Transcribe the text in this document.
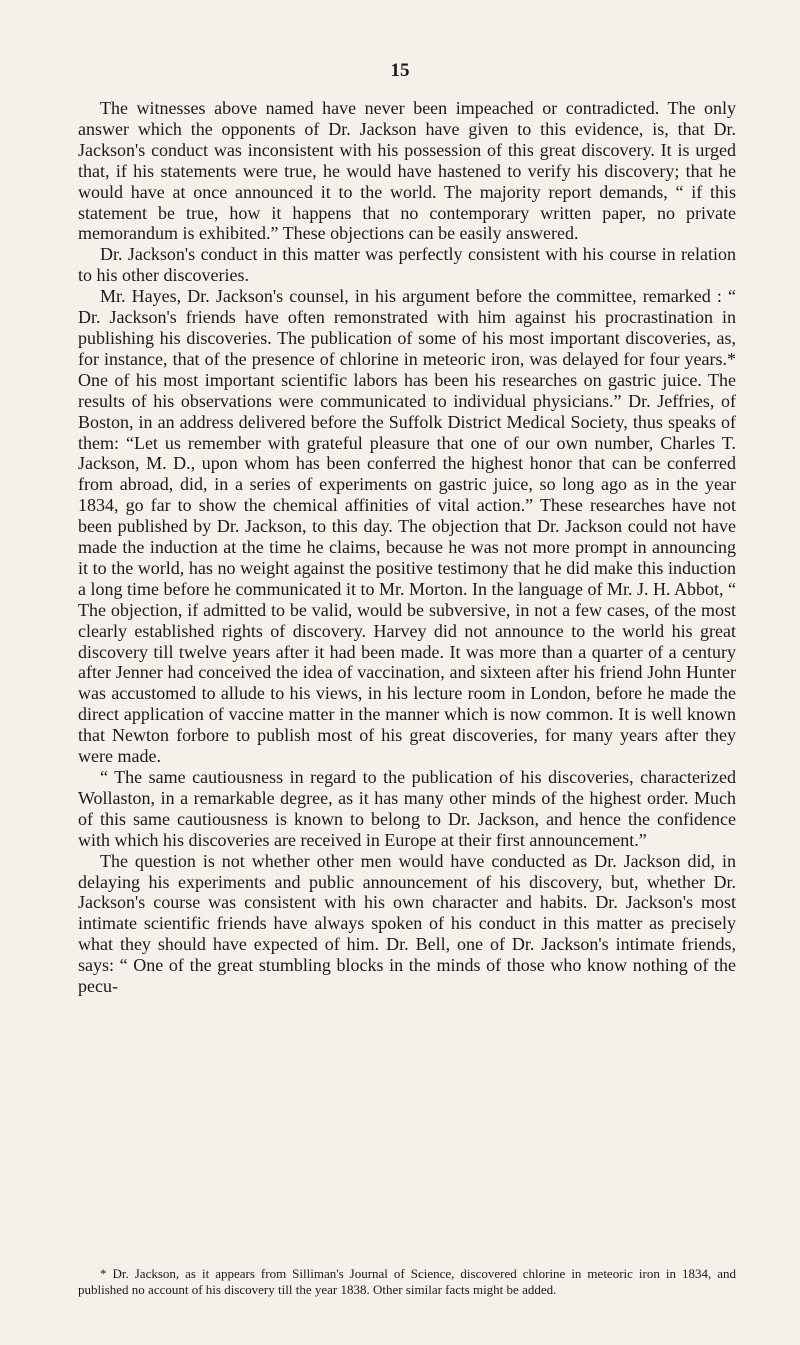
15

The witnesses above named have never been impeached or contradicted. The only answer which the opponents of Dr. Jackson have given to this evidence, is, that Dr. Jackson's conduct was inconsistent with his possession of this great discovery. It is urged that, if his statements were true, he would have hastened to verify his discovery; that he would have at once announced it to the world. The majority report demands, “ if this statement be true, how it happens that no contemporary written paper, no private memorandum is exhibited.” These objections can be easily answered.

Dr. Jackson's conduct in this matter was perfectly consistent with his course in relation to his other discoveries.

Mr. Hayes, Dr. Jackson's counsel, in his argument before the committee, remarked : “ Dr. Jackson's friends have often remonstrated with him against his procrastination in publishing his discoveries. The publication of some of his most important discoveries, as, for instance, that of the presence of chlorine in meteoric iron, was delayed for four years.* One of his most important scientific labors has been his researches on gastric juice. The results of his observations were communicated to individual physicians.” Dr. Jeffries, of Boston, in an address delivered before the Suffolk District Medical Society, thus speaks of them: “Let us remember with grateful pleasure that one of our own number, Charles T. Jackson, M. D., upon whom has been conferred the highest honor that can be conferred from abroad, did, in a series of experiments on gastric juice, so long ago as in the year 1834, go far to show the chemical affinities of vital action.” These researches have not been published by Dr. Jackson, to this day. The objection that Dr. Jackson could not have made the induction at the time he claims, because he was not more prompt in announcing it to the world, has no weight against the positive testimony that he did make this induction a long time before he communicated it to Mr. Morton. In the language of Mr. J. H. Abbot, “ The objection, if admitted to be valid, would be subversive, in not a few cases, of the most clearly established rights of discovery. Harvey did not announce to the world his great discovery till twelve years after it had been made. It was more than a quarter of a century after Jenner had conceived the idea of vaccination, and sixteen after his friend John Hunter was accustomed to allude to his views, in his lecture room in London, before he made the direct application of vaccine matter in the manner which is now common. It is well known that Newton forbore to publish most of his great discoveries, for many years after they were made.

“ The same cautiousness in regard to the publication of his discoveries, characterized Wollaston, in a remarkable degree, as it has many other minds of the highest order. Much of this same cautiousness is known to belong to Dr. Jackson, and hence the confidence with which his discoveries are received in Europe at their first announcement.”

The question is not whether other men would have conducted as Dr. Jackson did, in delaying his experiments and public announcement of his discovery, but, whether Dr. Jackson's course was consistent with his own character and habits. Dr. Jackson's most intimate scientific friends have always spoken of his conduct in this matter as precisely what they should have expected of him. Dr. Bell, one of Dr. Jackson's intimate friends, says: “ One of the great stumbling blocks in the minds of those who know nothing of the pecu-

* Dr. Jackson, as it appears from Silliman's Journal of Science, discovered chlorine in meteoric iron in 1834, and published no account of his discovery till the year 1838. Other similar facts might be added.
